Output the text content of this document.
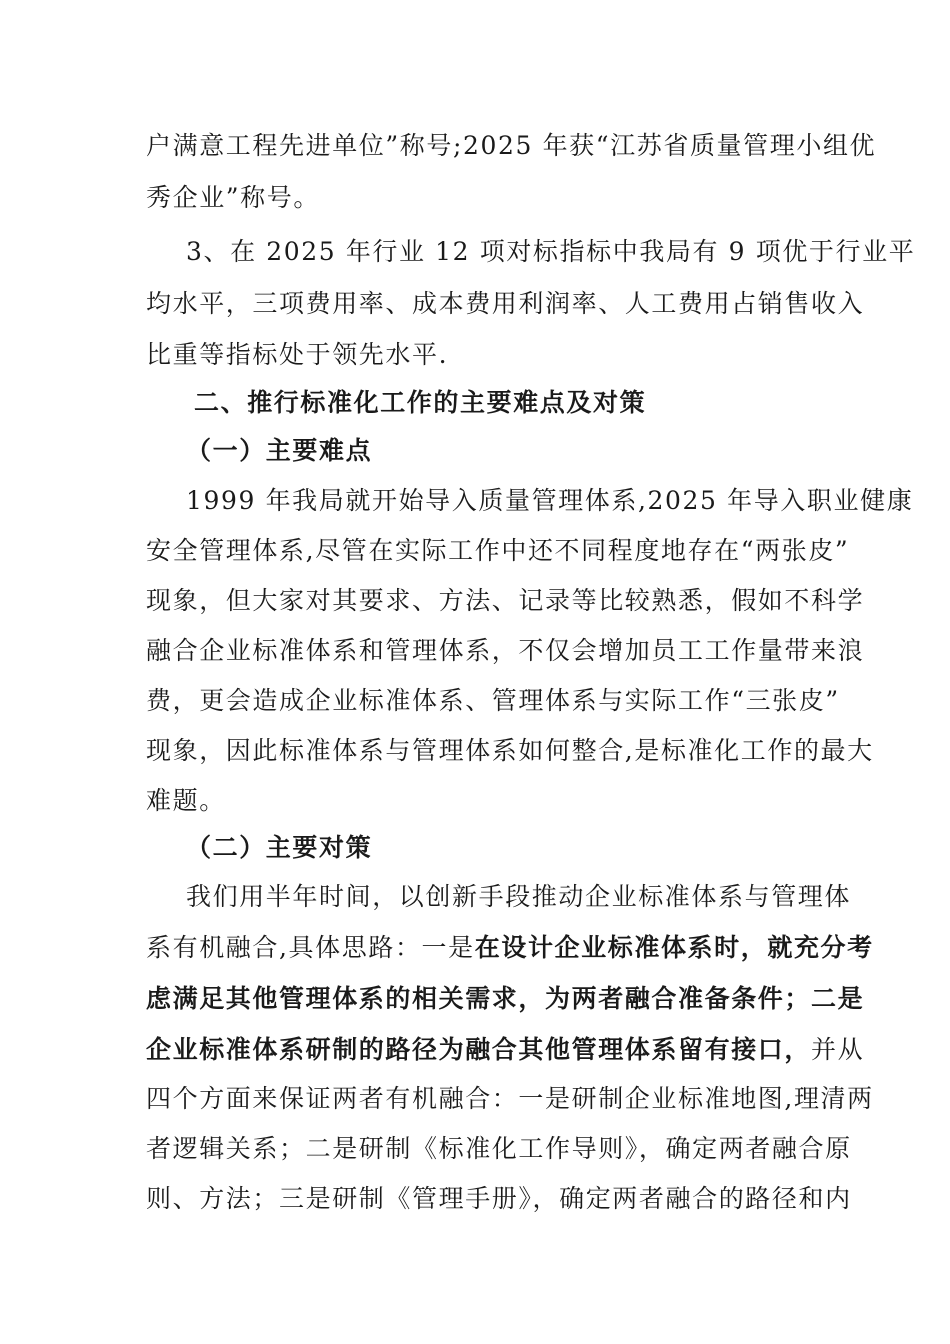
户满意工程先进单位”称号;2025 年获“江苏省质量管理小组优
秀企业”称号。
3、在 2025 年行业 12 项对标指标中我局有 9 项优于行业平
均水平，三项费用率、成本费用利润率、人工费用占销售收入
比重等指标处于领先水平.
二、推行标准化工作的主要难点及对策
（一）主要难点
1999 年我局就开始导入质量管理体系,2025 年导入职业健康
安全管理体系,尽管在实际工作中还不同程度地存在“两张皮”
现象，但大家对其要求、方法、记录等比较熟悉，假如不科学
融合企业标准体系和管理体系，不仅会增加员工工作量带来浪
费，更会造成企业标准体系、管理体系与实际工作“三张皮”
现象，因此标准体系与管理体系如何整合,是标准化工作的最大
难题。
（二）主要对策
我们用半年时间，以创新手段推动企业标准体系与管理体
系有机融合,具体思路：一是在设计企业标准体系时，就充分考
虑满足其他管理体系的相关需求，为两者融合准备条件；二是
企业标准体系研制的路径为融合其他管理体系留有接口，并从
四个方面来保证两者有机融合：一是研制企业标准地图,理清两
者逻辑关系；二是研制《标准化工作导则》，确定两者融合原
则、方法；三是研制《管理手册》，确定两者融合的路径和内
